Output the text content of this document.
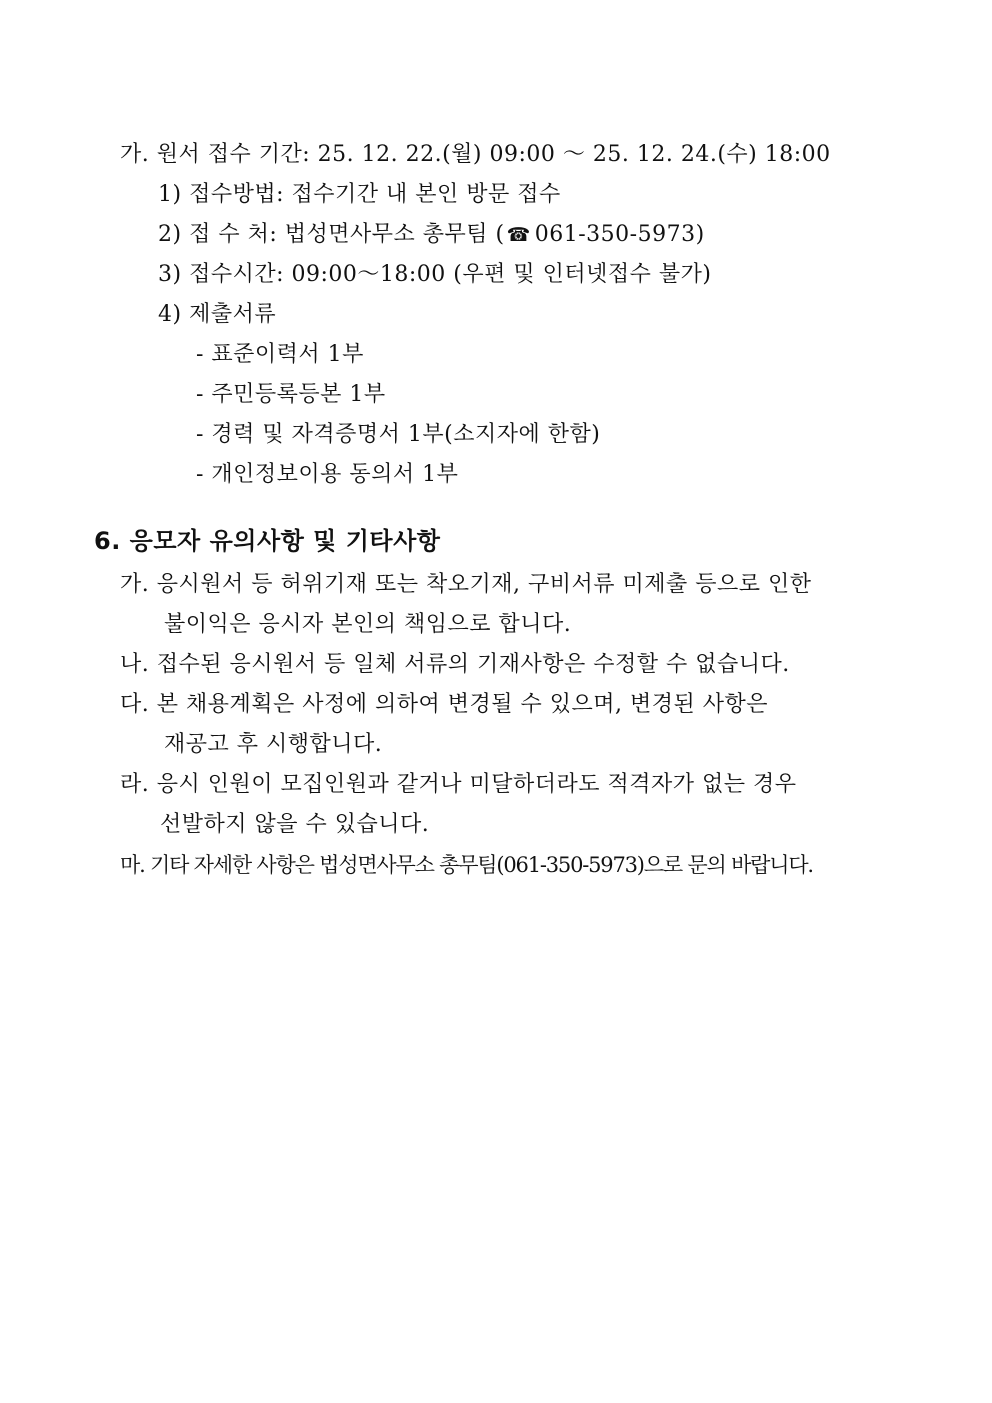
가. 원서 접수 기간: 25. 12. 22.(월) 09:00 ～ 25. 12. 24.(수) 18:00
1) 접수방법: 접수기간 내 본인 방문 접수
2) 접 수 처: 법성면사무소 총무팀 ( ☎ 061-350-5973)
3) 접수시간: 09:00～18:00 (우편 및 인터넷접수 불가)
4) 제출서류
- 표준이력서 1부
- 주민등록등본 1부
- 경력 및 자격증명서 1부(소지자에 한함)
- 개인정보이용 동의서 1부
6. 응모자 유의사항 및 기타사항
가. 응시원서 등 허위기재 또는 착오기재, 구비서류 미제출 등으로 인한
불이익은 응시자 본인의 책임으로 합니다.
나. 접수된 응시원서 등 일체 서류의 기재사항은 수정할 수 없습니다.
다. 본 채용계획은 사정에 의하여 변경될 수 있으며, 변경된 사항은
재공고 후 시행합니다.
라. 응시 인원이 모집인원과 같거나 미달하더라도 적격자가 없는 경우
선발하지 않을 수 있습니다.
마. 기타 자세한 사항은 법성면사무소 총무팀(061-350-5973)으로 문의 바랍니다.
